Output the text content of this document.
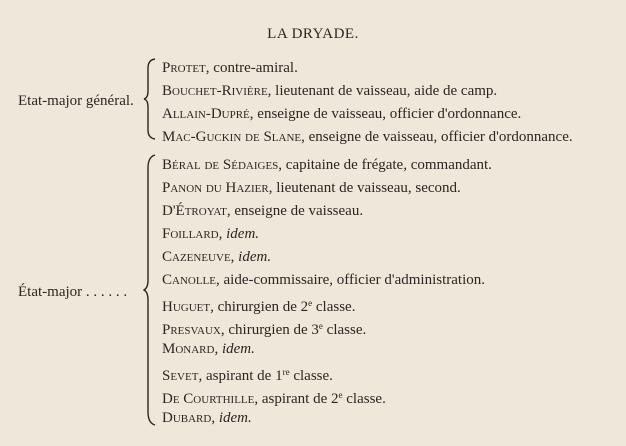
LA DRYADE.
Etat-major général.
Protet, contre-amiral.
Bouchet-Rivière, lieutenant de vaisseau, aide de camp.
Allain-Dupré, enseigne de vaisseau, officier d'ordonnance.
Mac-Guckin de Slane, enseigne de vaisseau, officier d'ordonnance.
État-major . . . . . .
Béral de Sédaiges, capitaine de frégate, commandant.
Panon du Hazier, lieutenant de vaisseau, second.
D'Étroyat, enseigne de vaisseau.
Foillard, idem.
Cazeneuve, idem.
Canolle, aide-commissaire, officier d'administration.
Huguet, chirurgien de 2e classe.
Presvaux, chirurgien de 3e classe.
Monard, idem.
Sevet, aspirant de 1re classe.
De Courthille, aspirant de 2e classe.
Dubard, idem.
